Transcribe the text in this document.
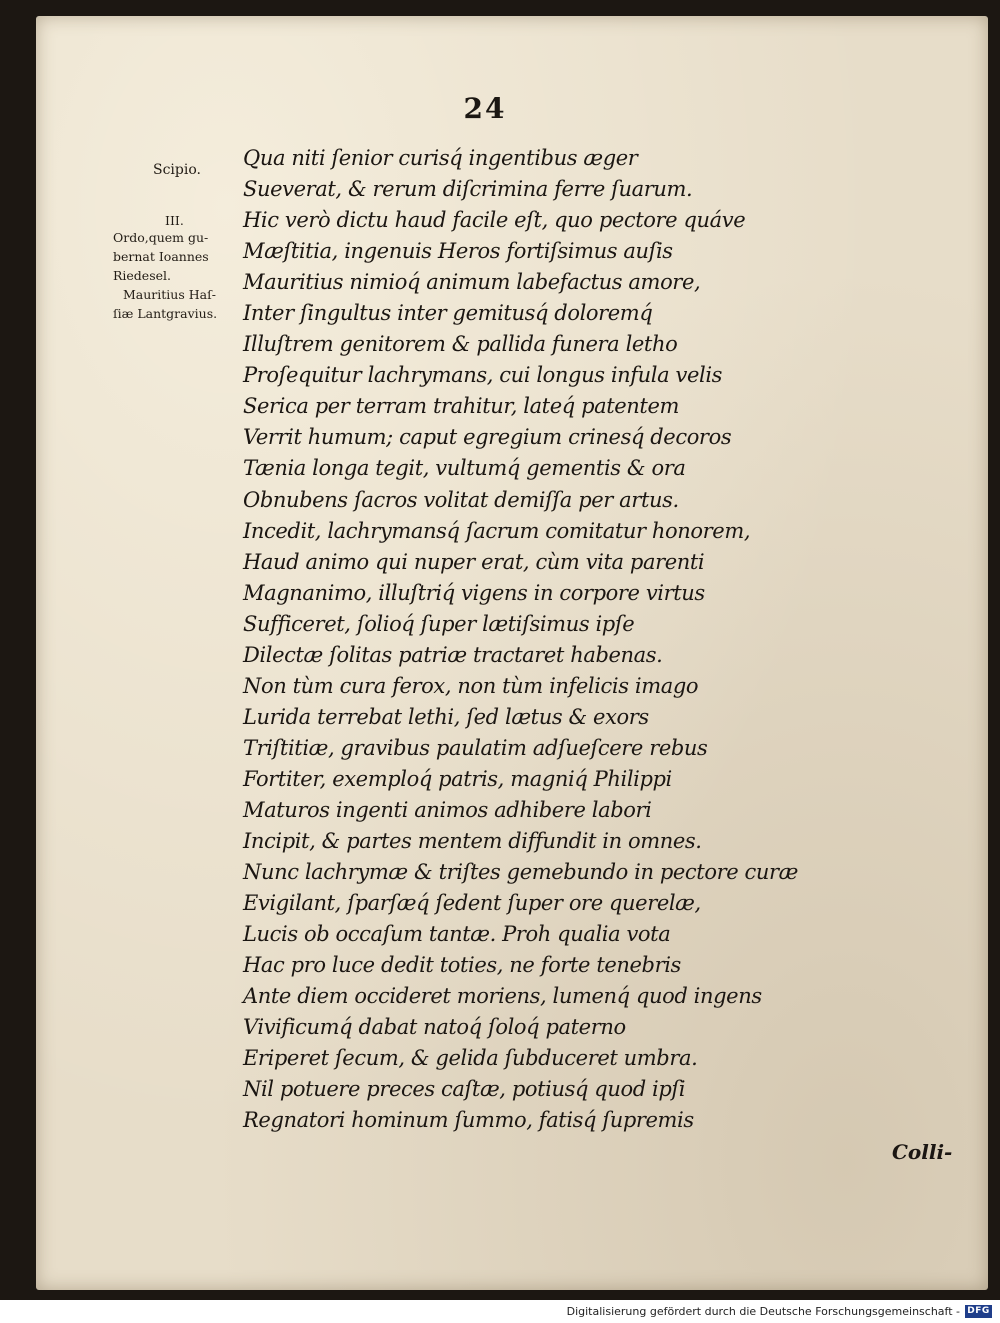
24
Scipio.
III.
Ordo,quem gu-
bernat Ioannes
Riedesel.
Mauritius Haſ-
ſiæ Lantgravius.
Qua niti ſenior curisq́ ingentibus æger
Sueverat, & rerum diſcrimina ferre ſuarum.
Hic verò dictu haud facile eſt, quo pectore quáve
Mæſtitia, ingenuis Heros fortiſsimus auſis
Mauritius nimioq́ animum labefactus amore,
Inter ſingultus inter gemitusq́ doloremq́
Illuſtrem genitorem & pallida funera letho
Proſequitur lachrymans, cui longus infula velis
Serica per terram trahitur, lateq́ patentem
Verrit humum; caput egregium crinesq́ decoros
Tænia longa tegit, vultumq́ gementis & ora
Obnubens ſacros volitat demiſſa per artus.
Incedit, lachrymansq́ ſacrum comitatur honorem,
Haud animo qui nuper erat, cùm vita parenti
Magnanimo, illuſtriq́ vigens in corpore virtus
Sufficeret, ſolioq́ ſuper lætiſsimus ipſe
Dilectæ ſolitas patriæ tractaret habenas.
Non tùm cura ferox, non tùm infelicis imago
Lurida terrebat lethi, ſed lætus & exors
Triſtitiæ, gravibus paulatim adſueſcere rebus
Fortiter, exemploq́ patris, magniq́ Philippi
Maturos ingenti animos adhibere labori
Incipit, & partes mentem diffundit in omnes.
Nunc lachrymæ & triſtes gemebundo in pectore curæ
Evigilant, ſparſæq́ ſedent ſuper ore querelæ,
Lucis ob occaſum tantæ. Proh qualia vota
Hac pro luce dedit toties, ne forte tenebris
Ante diem occideret moriens, lumenq́ quod ingens
Vivificumq́ dabat natoq́ ſoloq́ paterno
Eriperet ſecum, & gelida ſubduceret umbra.
Nil potuere preces caſtæ, potiusq́ quod ipſi
Regnatori hominum ſummo, fatisq́ ſupremis
Colli-
Digitalisierung gefördert durch die Deutsche Forschungsgemeinschaft - DFG
